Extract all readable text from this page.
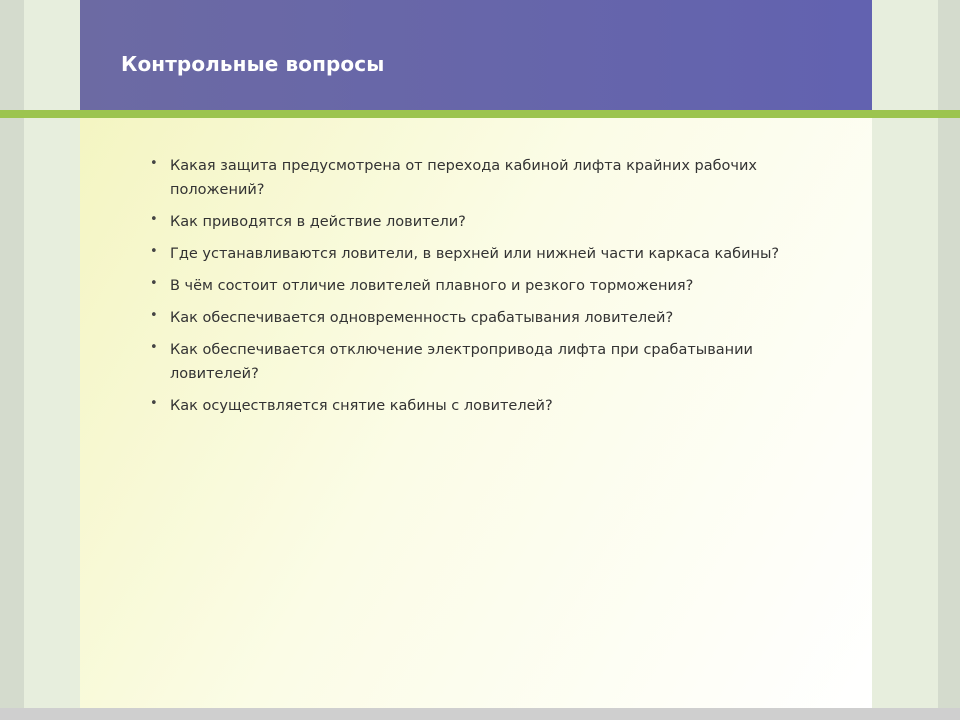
Контрольные вопросы
• Какая защита предусмотрена от перехода кабиной лифта крайних рабочих положений?
• Как приводятся в действие ловители?
• Где устанавливаются ловители, в верхней или нижней части каркаса кабины?
• В чём состоит отличие ловителей плавного и резкого торможения?
• Как обеспечивается одновременность срабатывания ловителей?
• Как обеспечивается отключение электропривода лифта при срабатывании ловителей?
• Как осуществляется снятие кабины с ловителей?
